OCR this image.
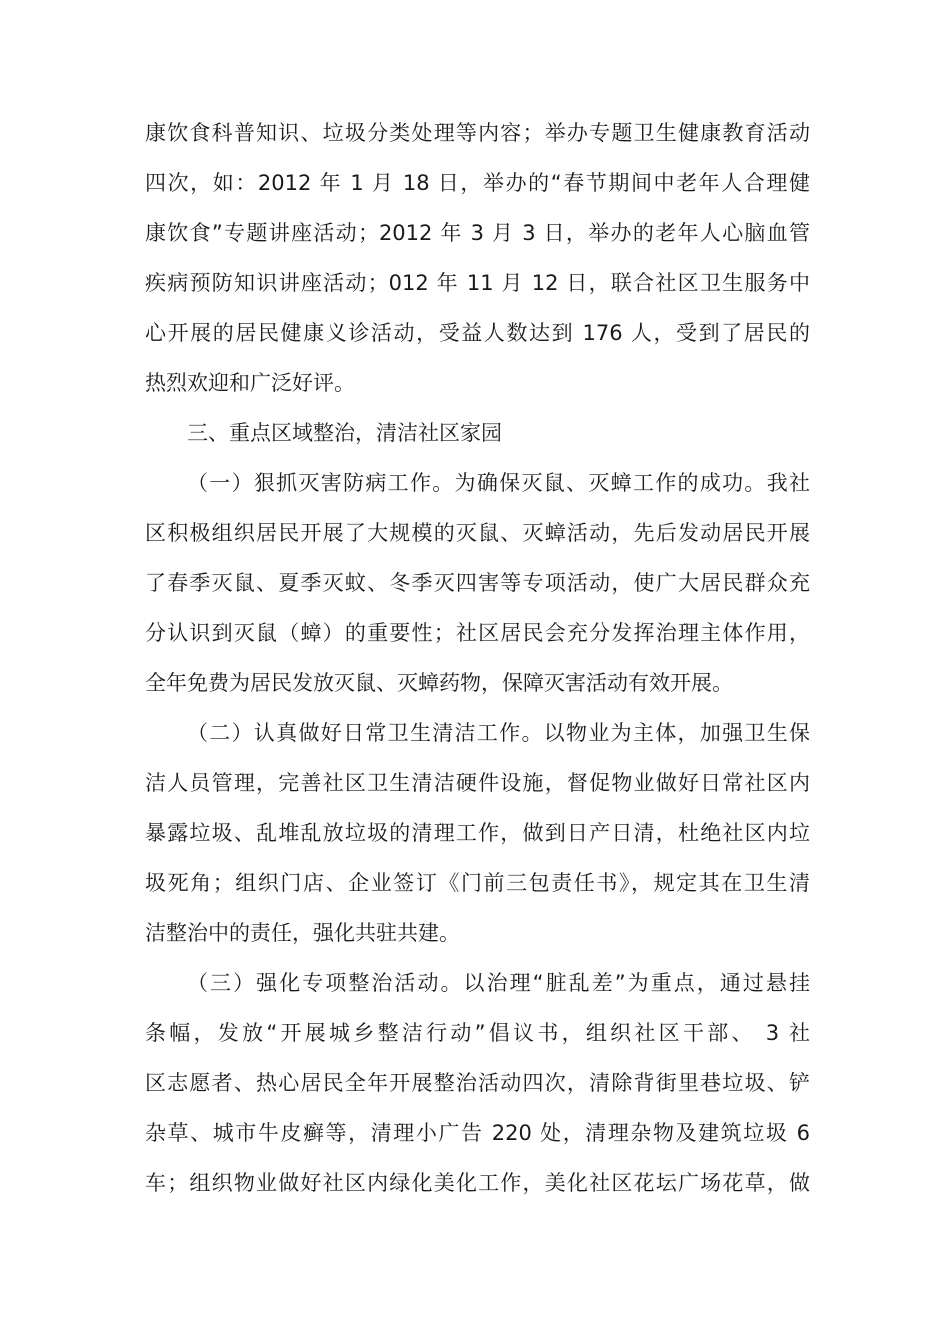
康饮食科普知识、垃圾分类处理等内容；举办专题卫生健康教育活动
四次，如：2012 年 1 月 18 日，举办的“春节期间中老年人合理健
康饮食”专题讲座活动；2012 年 3 月 3 日，举办的老年人心脑血管
疾病预防知识讲座活动；012 年 11 月 12 日，联合社区卫生服务中
心开展的居民健康义诊活动，受益人数达到 176 人，受到了居民的
热烈欢迎和广泛好评。
三、重点区域整治，清洁社区家园
（一）狠抓灭害防病工作。为确保灭鼠、灭蟑工作的成功。我社
区积极组织居民开展了大规模的灭鼠、灭蟑活动，先后发动居民开展
了春季灭鼠、夏季灭蚊、冬季灭四害等专项活动，使广大居民群众充
分认识到灭鼠（蟑）的重要性；社区居民会充分发挥治理主体作用，
全年免费为居民发放灭鼠、灭蟑药物，保障灭害活动有效开展。
（二）认真做好日常卫生清洁工作。以物业为主体，加强卫生保
洁人员管理，完善社区卫生清洁硬件设施，督促物业做好日常社区内
暴露垃圾、乱堆乱放垃圾的清理工作，做到日产日清，杜绝社区内垃
圾死角；组织门店、企业签订《门前三包责任书》，规定其在卫生清
洁整治中的责任，强化共驻共建。
（三）强化专项整治活动。以治理“脏乱差”为重点，通过悬挂
条幅，发放“开展城乡整洁行动”倡议书，组织社区干部、 3 社
区志愿者、热心居民全年开展整治活动四次，清除背街里巷垃圾、铲
杂草、城市牛皮癣等，清理小广告 220 处，清理杂物及建筑垃圾 6
车；组织物业做好社区内绿化美化工作，美化社区花坛广场花草，做
